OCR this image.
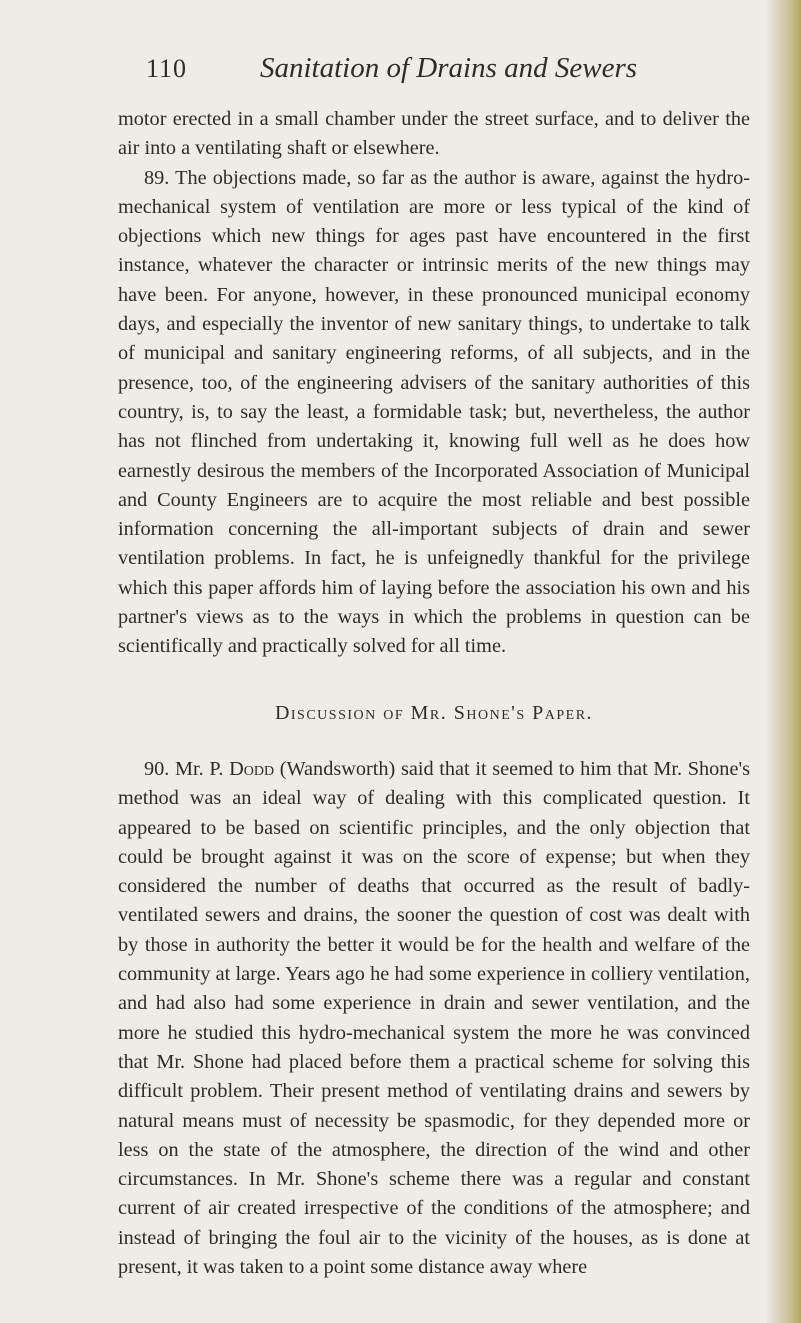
110	Sanitation of Drains and Sewers

motor erected in a small chamber under the street surface, and to deliver the air into a ventilating shaft or elsewhere.

89. The objections made, so far as the author is aware, against the hydro-mechanical system of ventilation are more or less typical of the kind of objections which new things for ages past have encountered in the first instance, whatever the character or intrinsic merits of the new things may have been. For anyone, however, in these pronounced municipal economy days, and especially the inventor of new sanitary things, to undertake to talk of municipal and sanitary engineering reforms, of all subjects, and in the presence, too, of the engineering advisers of the sanitary authorities of this country, is, to say the least, a formidable task; but, nevertheless, the author has not flinched from undertaking it, knowing full well as he does how earnestly desirous the members of the Incorporated Association of Municipal and County Engineers are to acquire the most reliable and best possible information concerning the all-important subjects of drain and sewer ventilation problems. In fact, he is unfeignedly thankful for the privilege which this paper affords him of laying before the association his own and his partner's views as to the ways in which the problems in question can be scientifically and practically solved for all time.

Discussion of Mr. Shone's Paper.

90. Mr. P. Dodd (Wandsworth) said that it seemed to him that Mr. Shone's method was an ideal way of dealing with this complicated question. It appeared to be based on scientific principles, and the only objection that could be brought against it was on the score of expense; but when they considered the number of deaths that occurred as the result of badly-ventilated sewers and drains, the sooner the question of cost was dealt with by those in authority the better it would be for the health and welfare of the community at large. Years ago he had some experience in colliery ventilation, and had also had some experience in drain and sewer ventilation, and the more he studied this hydro-mechanical system the more he was convinced that Mr. Shone had placed before them a practical scheme for solving this difficult problem. Their present method of ventilating drains and sewers by natural means must of necessity be spasmodic, for they depended more or less on the state of the atmosphere, the direction of the wind and other circumstances. In Mr. Shone's scheme there was a regular and constant current of air created irrespective of the conditions of the atmosphere; and instead of bringing the foul air to the vicinity of the houses, as is done at present, it was taken to a point some distance away where
